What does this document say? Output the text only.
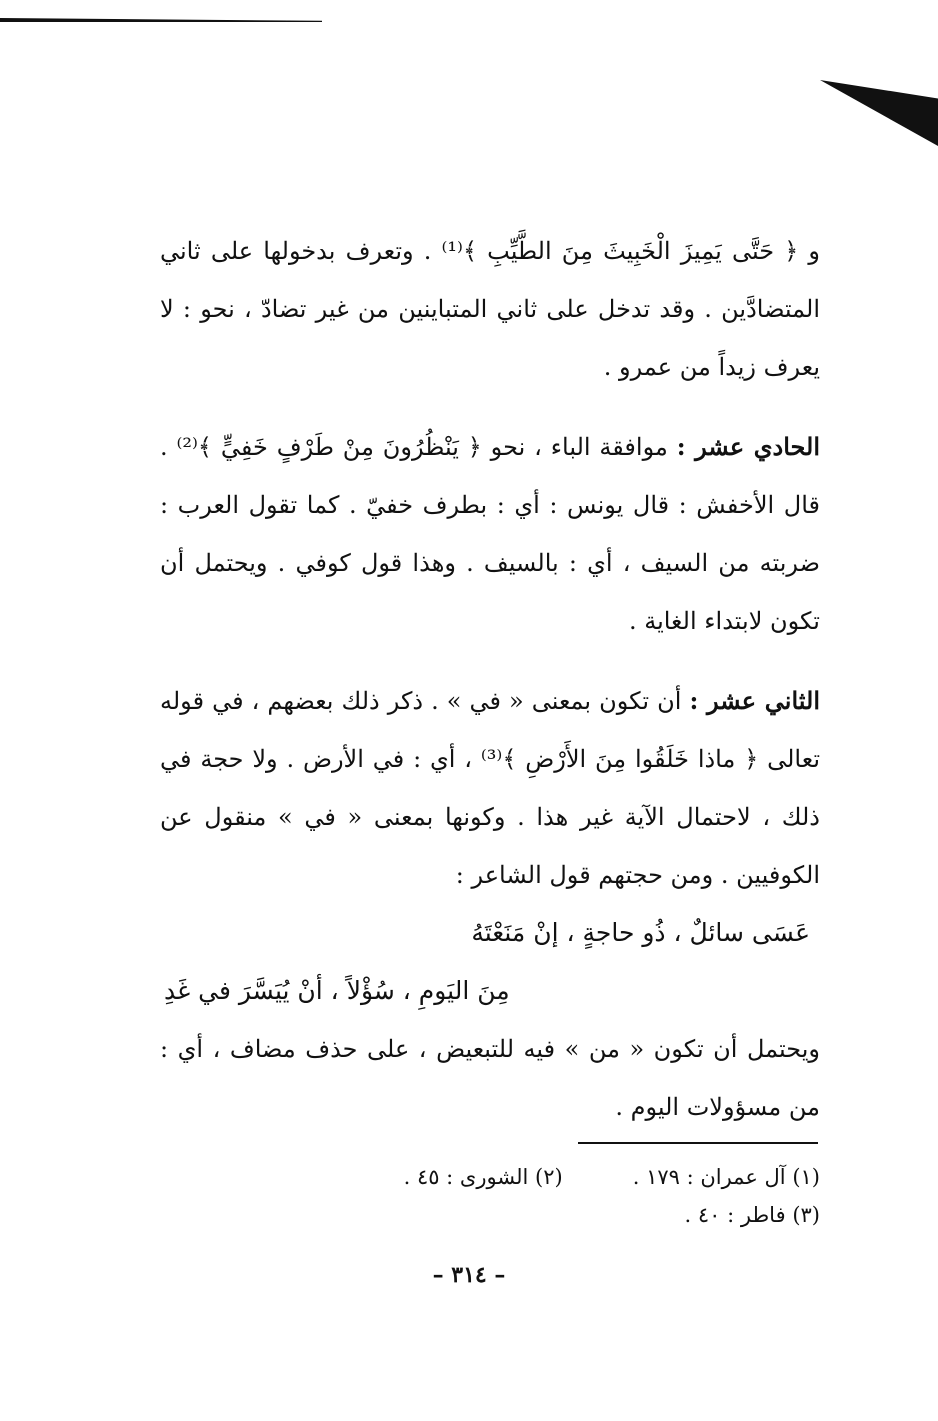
و ﴿ حَتَّى يَمِيزَ الْخَبِيثَ مِنَ الطَّيِّبِ ﴾⁽¹⁾ . وتعرف بدخولها على ثاني المتضادَّين . وقد تدخل على ثاني المتباينين من غير تضادّ ، نحو : لا يعرف زيداً من عمرو .

الحادي عشر : موافقة الباء ، نحو ﴿ يَنْظُرُونَ مِنْ طَرْفٍ خَفِيٍّ ﴾⁽²⁾ . قال الأخفش : قال يونس : أي : بطرف خفيّ . كما تقول العرب : ضربته من السيف ، أي : بالسيف . وهذا قول كوفي . ويحتمل أن تكون لابتداء الغاية .

الثاني عشر : أن تكون بمعنى « في » . ذكر ذلك بعضهم ، في قوله تعالى ﴿ ماذا خَلَقُوا مِنَ الأَرْضِ ﴾⁽³⁾ ، أي : في الأرض . ولا حجة في ذلك ، لاحتمال الآية غير هذا . وكونها بمعنى « في » منقول عن الكوفيين . ومن حجتهم قول الشاعر :

عَسَى سائلٌ ، ذُو حاجةٍ ، إنْ مَنَعْتَهُ
مِنَ اليَومِ ، سُؤْلاً ، أنْ يُيَسَّرَ في غَدِ

ويحتمل أن تكون « من » فيه للتبعيض ، على حذف مضاف ، أي : من مسؤولات اليوم .

(١) آل عمران : ١٧٩ .
(٢) الشورى : ٤٥ .
(٣) فاطر : ٤٠ .
– ٣١٤ –
